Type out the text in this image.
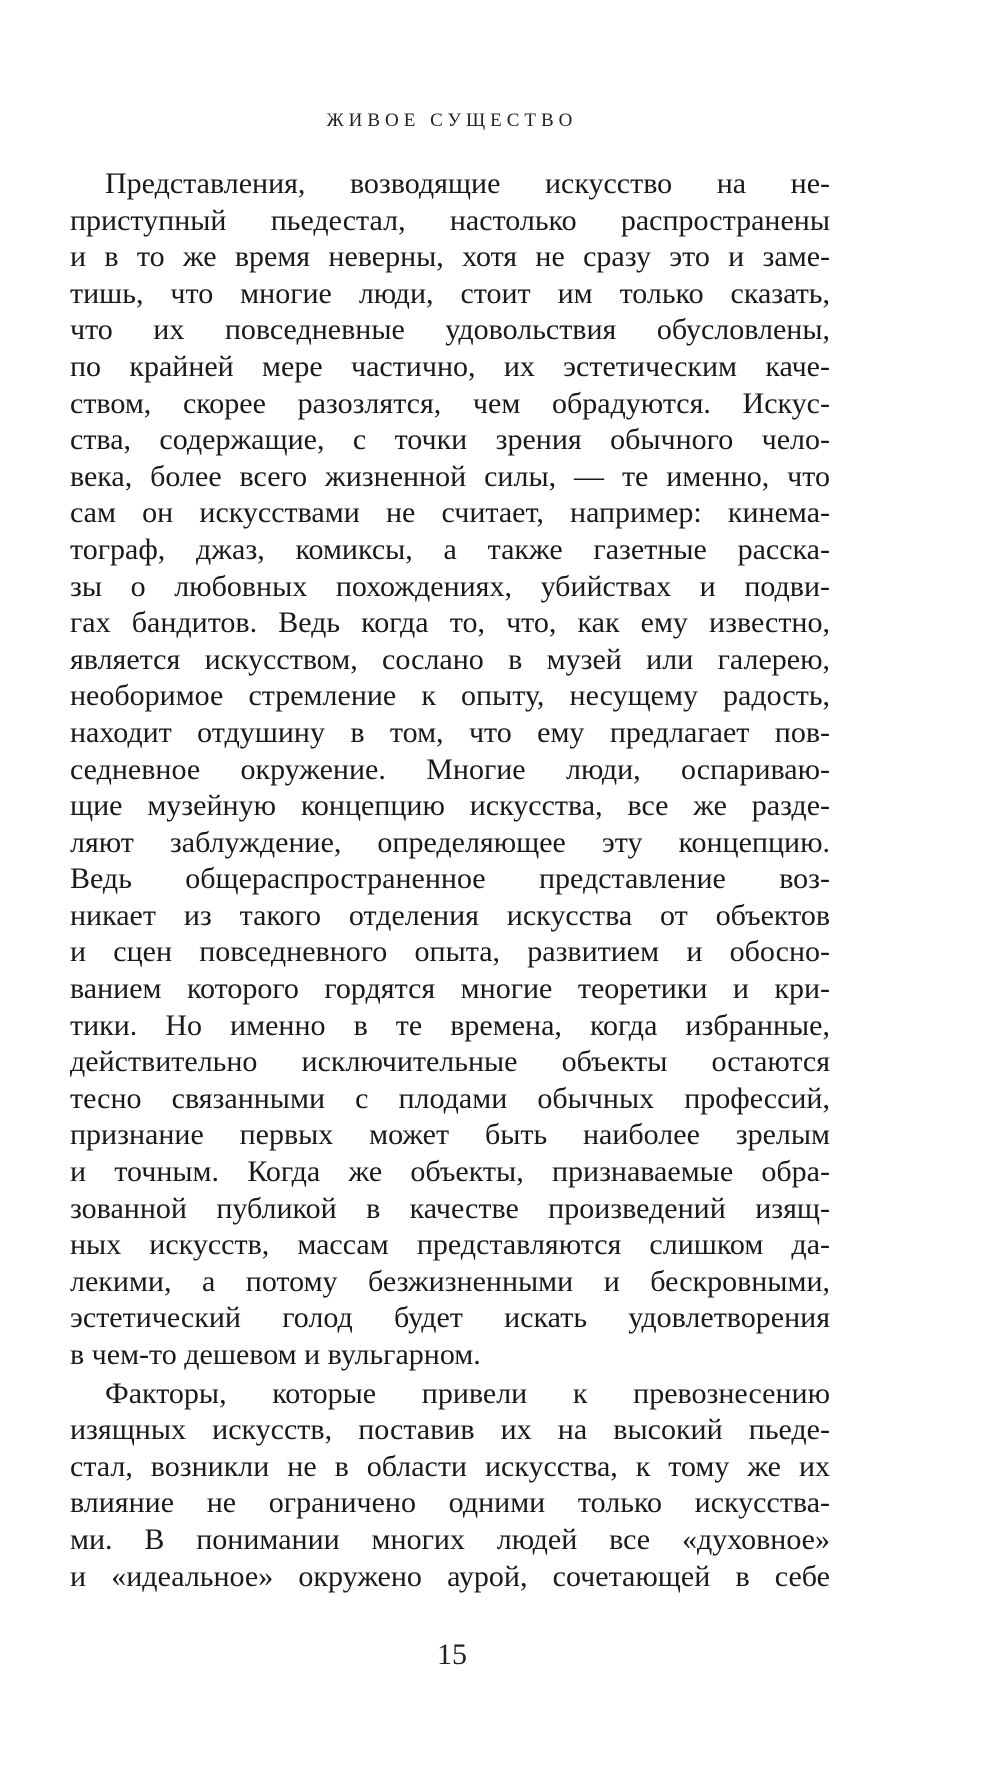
ЖИВОЕ СУЩЕСТВО
Представления, возводящие искусство на не-
приступный пьедестал, настолько распространены
и в то же время неверны, хотя не сразу это и заме-
тишь, что многие люди, стоит им только сказать,
что их повседневные удовольствия обусловлены,
по крайней мере частично, их эстетическим каче-
ством, скорее разозлятся, чем обрадуются. Искус-
ства, содержащие, с точки зрения обычного чело-
века, более всего жизненной силы, — те именно, что
сам он искусствами не считает, например: кинема-
тограф, джаз, комиксы, а также газетные расска-
зы о любовных похождениях, убийствах и подви-
гах бандитов. Ведь когда то, что, как ему известно,
является искусством, сослано в музей или галерею,
необоримое стремление к опыту, несущему радость,
находит отдушину в том, что ему предлагает пов-
седневное окружение. Многие люди, оспариваю-
щие музейную концепцию искусства, все же разде-
ляют заблуждение, определяющее эту концепцию.
Ведь общераспространенное представление воз-
никает из такого отделения искусства от объектов
и сцен повседневного опыта, развитием и обосно-
ванием которого гордятся многие теоретики и кри-
тики. Но именно в те времена, когда избранные,
действительно исключительные объекты остаются
тесно связанными с плодами обычных профессий,
признание первых может быть наиболее зрелым
и точным. Когда же объекты, признаваемые обра-
зованной публикой в качестве произведений изящ-
ных искусств, массам представляются слишком да-
лекими, а потому безжизненными и бескровными,
эстетический голод будет искать удовлетворения
в чем-то дешевом и вульгарном.
Факторы, которые привели к превознесению
изящных искусств, поставив их на высокий пьеде-
стал, возникли не в области искусства, к тому же их
влияние не ограничено одними только искусства-
ми. В понимании многих людей все «духовное»
и «идеальное» окружено аурой, сочетающей в себе
15
